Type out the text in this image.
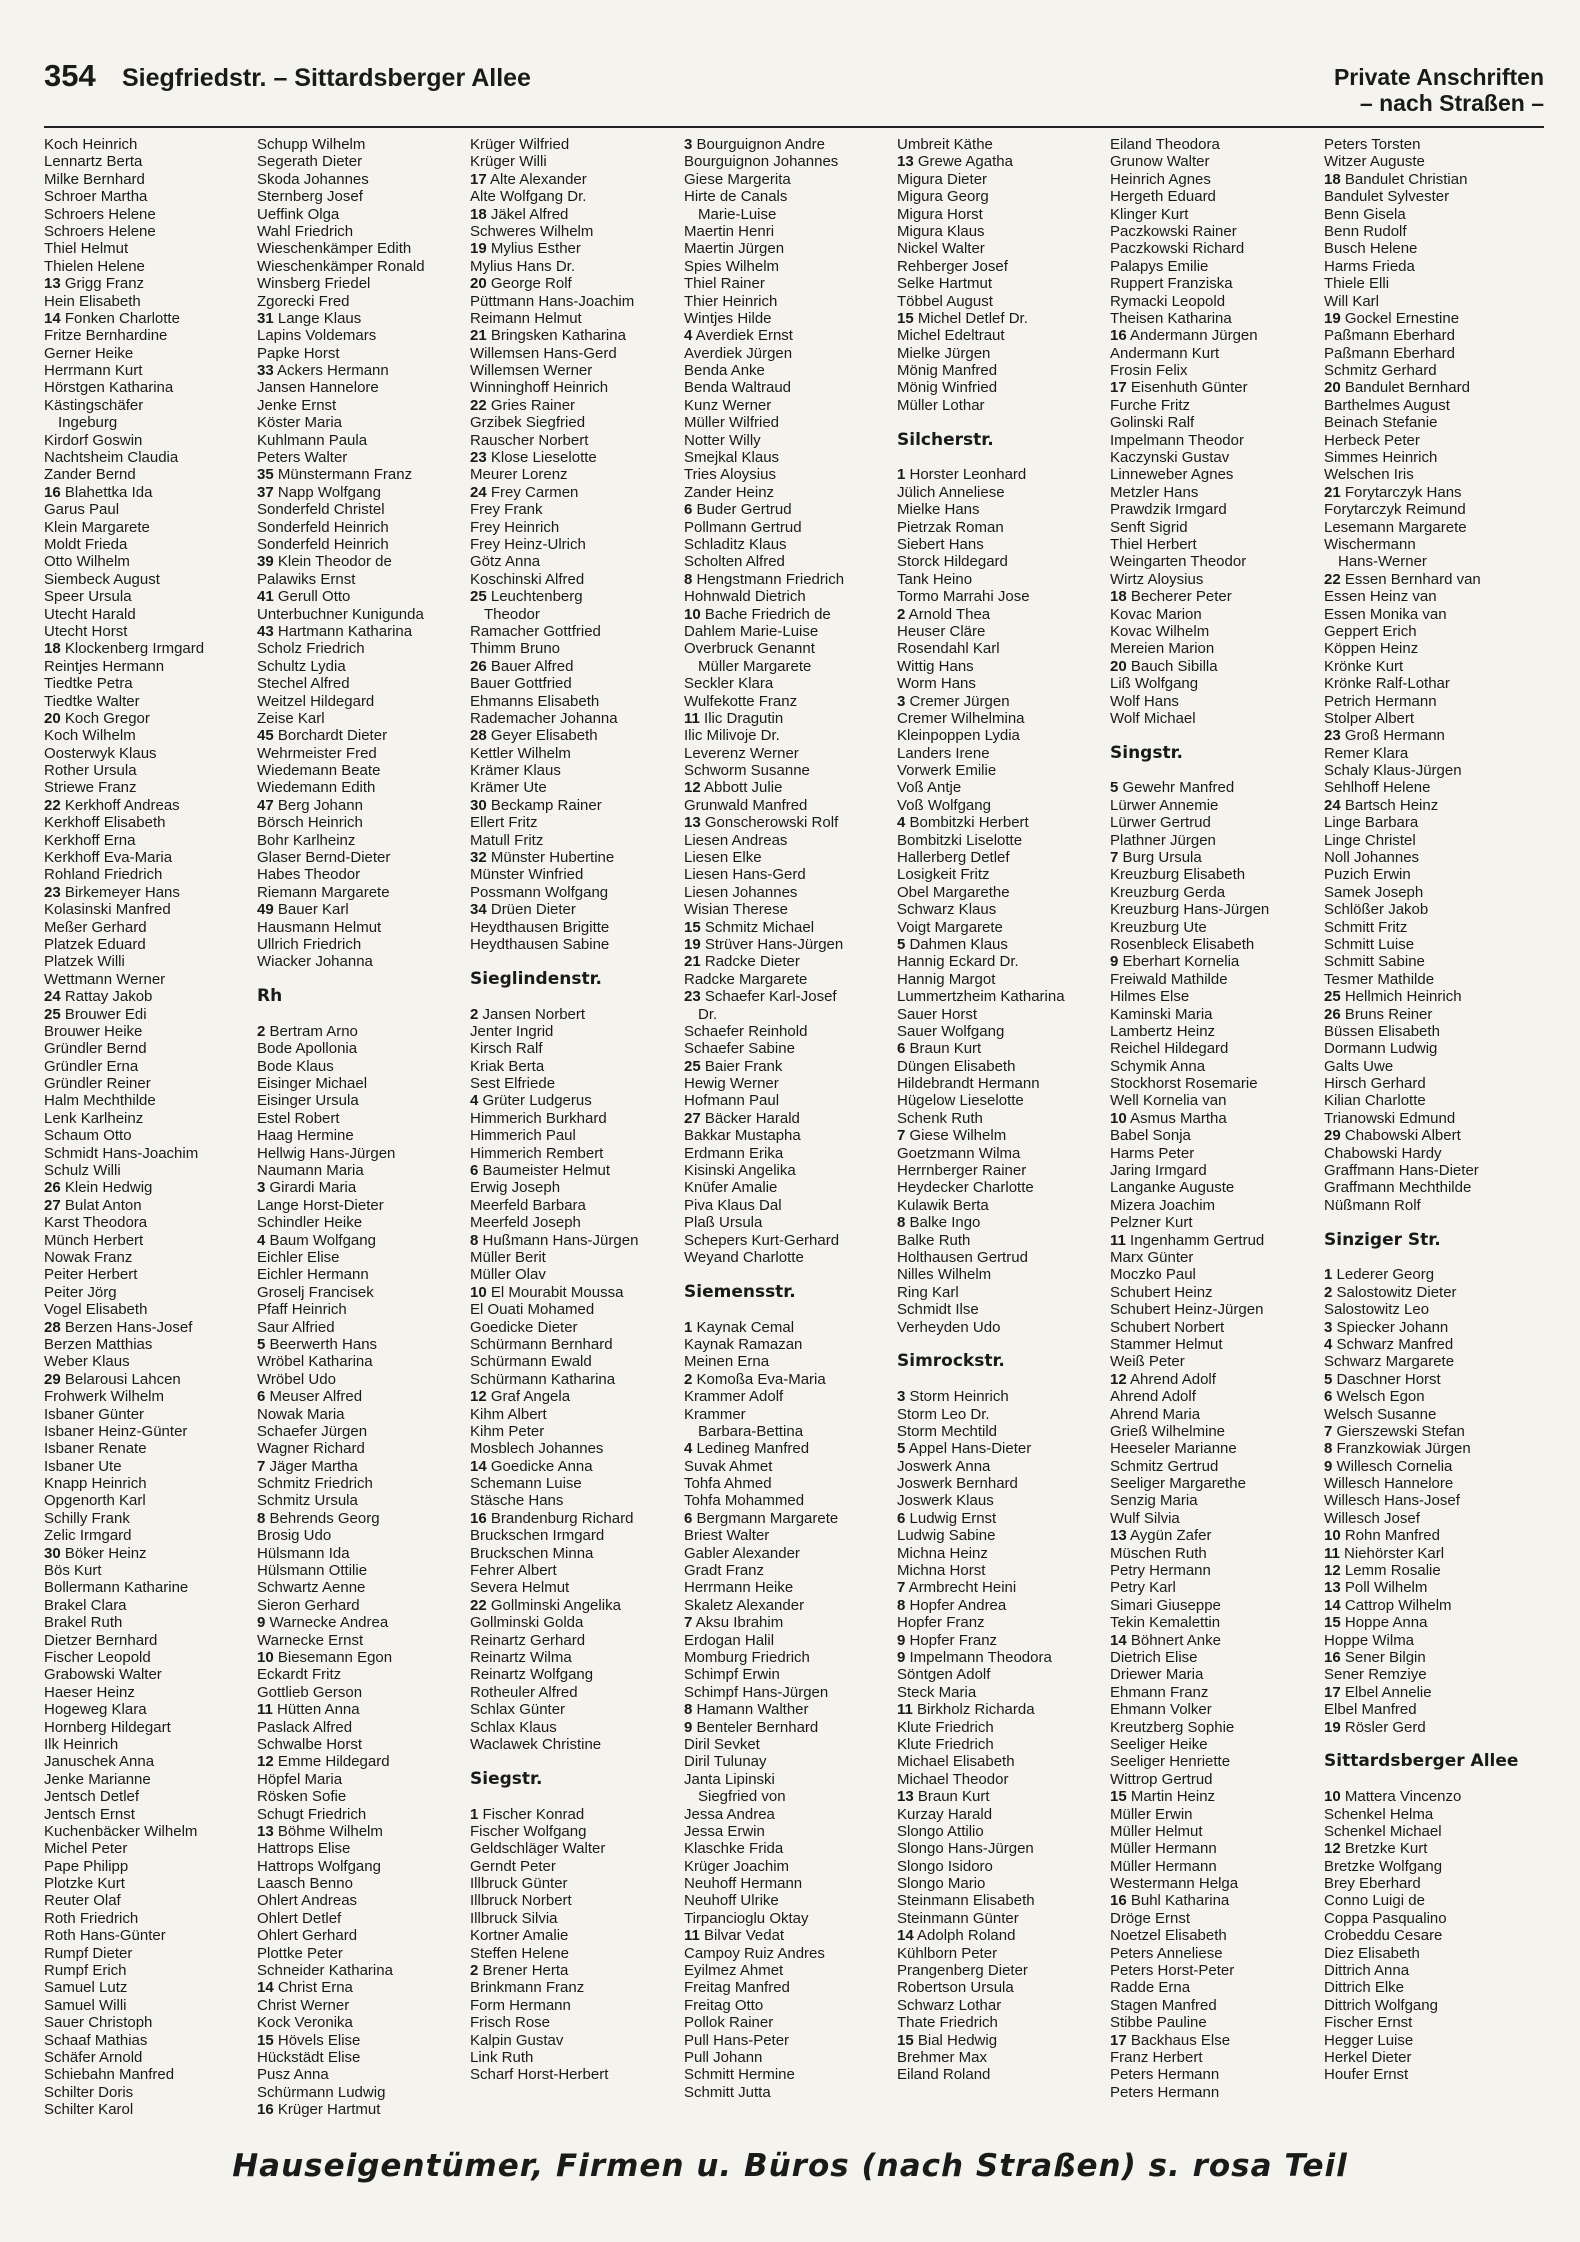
354 Siegfriedstr. – Sittardsberger Allee	Private Anschriften
– nach Straßen –
Koch Heinrich
Lennartz Berta
Milke Bernhard
Schroer Martha
Schroers Helene
Schroers Helene
Thiel Helmut
Thielen Helene
13 Grigg Franz
Hein Elisabeth
14 Fonken Charlotte
Fritze Bernhardine
Gerner Heike
Herrmann Kurt
Hörstgen Katharina
Kästingschäfer
Ingeburg
Kirdorf Goswin
Nachtsheim Claudia
Zander Bernd
16 Blahettka Ida
Garus Paul
Klein Margarete
Moldt Frieda
Otto Wilhelm
Siembeck August
Speer Ursula
Utecht Harald
Utecht Horst
18 Klockenberg Irmgard
Reintjes Hermann
Tiedtke Petra
Tiedtke Walter
20 Koch Gregor
Koch Wilhelm
Oosterwyk Klaus
Rother Ursula
Striewe Franz
22 Kerkhoff Andreas
Kerkhoff Elisabeth
Kerkhoff Erna
Kerkhoff Eva-Maria
Rohland Friedrich
23 Birkemeyer Hans
Kolasinski Manfred
Meßer Gerhard
Platzek Eduard
Platzek Willi
Wettmann Werner
24 Rattay Jakob
25 Brouwer Edi
Brouwer Heike
Gründler Bernd
Gründler Erna
Gründler Reiner
Halm Mechthilde
Lenk Karlheinz
Schaum Otto
Schmidt Hans-Joachim
Schulz Willi
26 Klein Hedwig
27 Bulat Anton
Karst Theodora
Münch Herbert
Nowak Franz
Peiter Herbert
Peiter Jörg
Vogel Elisabeth
28 Berzen Hans-Josef
Berzen Matthias
Weber Klaus
29 Belarousi Lahcen
Frohwerk Wilhelm
Isbaner Günter
Isbaner Heinz-Günter
Isbaner Renate
Isbaner Ute
Knapp Heinrich
Opgenorth Karl
Schilly Frank
Zelic Irmgard
30 Böker Heinz
Bös Kurt
Bollermann Katharine
Brakel Clara
Brakel Ruth
Dietzer Bernhard
Fischer Leopold
Grabowski Walter
Haeser Heinz
Hogeweg Klara
Hornberg Hildegart
Ilk Heinrich
Januschek Anna
Jenke Marianne
Jentsch Detlef
Jentsch Ernst
Kuchenbäcker Wilhelm
Michel Peter
Pape Philipp
Plotzke Kurt
Reuter Olaf
Roth Friedrich
Roth Hans-Günter
Rumpf Dieter
Rumpf Erich
Samuel Lutz
Samuel Willi
Sauer Christoph
Schaaf Mathias
Schäfer Arnold
Schiebahn Manfred
Schilter Doris
Schilter Karol
Schupp Wilhelm
Segerath Dieter
Skoda Johannes
Sternberg Josef
Ueffink Olga
Wahl Friedrich
Wieschenkämper Edith
Wieschenkämper Ronald
Winsberg Friedel
Zgorecki Fred
31 Lange Klaus
Lapins Voldemars
Papke Horst
33 Ackers Hermann
Jansen Hannelore
Jenke Ernst
Köster Maria
Kuhlmann Paula
Peters Walter
35 Münstermann Franz
37 Napp Wolfgang
Sonderfeld Christel
Sonderfeld Heinrich
Sonderfeld Heinrich
39 Klein Theodor de
Palawiks Ernst
41 Gerull Otto
Unterbuchner Kunigunda
43 Hartmann Katharina
Scholz Friedrich
Schultz Lydia
Stechel Alfred
Weitzel Hildegard
Zeise Karl
45 Borchardt Dieter
Wehrmeister Fred
Wiedemann Beate
Wiedemann Edith
47 Berg Johann
Börsch Heinrich
Bohr Karlheinz
Glaser Bernd-Dieter
Habes Theodor
Riemann Margarete
49 Bauer Karl
Hausmann Helmut
Ullrich Friedrich
Wiacker Johanna
Rh
2 Bertram Arno
Bode Apollonia
Bode Klaus
Eisinger Michael
Eisinger Ursula
Estel Robert
Haag Hermine
Hellwig Hans-Jürgen
Naumann Maria
3 Girardi Maria
Lange Horst-Dieter
Schindler Heike
4 Baum Wolfgang
Eichler Elise
Eichler Hermann
Groselj Francisek
Pfaff Heinrich
Saur Alfried
5 Beerwerth Hans
Wröbel Katharina
Wröbel Udo
6 Meuser Alfred
Nowak Maria
Schaefer Jürgen
Wagner Richard
7 Jäger Martha
Schmitz Friedrich
Schmitz Ursula
8 Behrends Georg
Brosig Udo
Hülsmann Ida
Hülsmann Ottilie
Schwartz Aenne
Sieron Gerhard
9 Warnecke Andrea
Warnecke Ernst
10 Biesemann Egon
Eckardt Fritz
Gottlieb Gerson
11 Hütten Anna
Paslack Alfred
Schwalbe Horst
12 Emme Hildegard
Höpfel Maria
Rösken Sofie
Schugt Friedrich
13 Böhme Wilhelm
Hattrops Elise
Hattrops Wolfgang
Laasch Benno
Ohlert Andreas
Ohlert Detlef
Ohlert Gerhard
Plottke Peter
Schneider Katharina
14 Christ Erna
Christ Werner
Kock Veronika
15 Hövels Elise
Hückstädt Elise
Pusz Anna
Schürmann Ludwig
16 Krüger Hartmut
Krüger Wilfried
Krüger Willi
17 Alte Alexander
Alte Wolfgang Dr.
18 Jäkel Alfred
Schweres Wilhelm
19 Mylius Esther
Mylius Hans Dr.
20 George Rolf
Püttmann Hans-Joachim
Reimann Helmut
21 Bringsken Katharina
Willemsen Hans-Gerd
Willemsen Werner
Winninghoff Heinrich
22 Gries Rainer
Grzibek Siegfried
Rauscher Norbert
23 Klose Lieselotte
Meurer Lorenz
24 Frey Carmen
Frey Frank
Frey Heinrich
Frey Heinz-Ulrich
Götz Anna
Koschinski Alfred
25 Leuchtenberg
Theodor
Ramacher Gottfried
Thimm Bruno
26 Bauer Alfred
Bauer Gottfried
Ehmanns Elisabeth
Rademacher Johanna
28 Geyer Elisabeth
Kettler Wilhelm
Krämer Klaus
Krämer Ute
30 Beckamp Rainer
Ellert Fritz
Matull Fritz
32 Münster Hubertine
Münster Winfried
Possmann Wolfgang
34 Drüen Dieter
Heydthausen Brigitte
Heydthausen Sabine
Sieglindenstr.
2 Jansen Norbert
Jenter Ingrid
Kirsch Ralf
Kriak Berta
Sest Elfriede
4 Grüter Ludgerus
Himmerich Burkhard
Himmerich Paul
Himmerich Rembert
6 Baumeister Helmut
Erwig Joseph
Meerfeld Barbara
Meerfeld Joseph
8 Hußmann Hans-Jürgen
Müller Berit
Müller Olav
10 El Mourabit Moussa
El Ouati Mohamed
Goedicke Dieter
Schürmann Bernhard
Schürmann Ewald
Schürmann Katharina
12 Graf Angela
Kihm Albert
Kihm Peter
Mosblech Johannes
14 Goedicke Anna
Schemann Luise
Stäsche Hans
16 Brandenburg Richard
Bruckschen Irmgard
Bruckschen Minna
Fehrer Albert
Severa Helmut
22 Gollminski Angelika
Gollminski Golda
Reinartz Gerhard
Reinartz Wilma
Reinartz Wolfgang
Rotheuler Alfred
Schlax Günter
Schlax Klaus
Waclawek Christine
Siegstr.
1 Fischer Konrad
Fischer Wolfgang
Geldschläger Walter
Gerndt Peter
Illbruck Günter
Illbruck Norbert
Illbruck Silvia
Kortner Amalie
Steffen Helene
2 Brener Herta
Brinkmann Franz
Form Hermann
Frisch Rose
Kalpin Gustav
Link Ruth
Scharf Horst-Herbert
3 Bourguignon Andre
Bourguignon Johannes
Giese Margerita
Hirte de Canals
Marie-Luise
Maertin Henri
Maertin Jürgen
Spies Wilhelm
Thiel Rainer
Thier Heinrich
Wintjes Hilde
4 Averdiek Ernst
Averdiek Jürgen
Benda Anke
Benda Waltraud
Kunz Werner
Müller Wilfried
Notter Willy
Smejkal Klaus
Tries Aloysius
Zander Heinz
6 Buder Gertrud
Pollmann Gertrud
Schladitz Klaus
Scholten Alfred
8 Hengstmann Friedrich
Hohnwald Dietrich
10 Bache Friedrich de
Dahlem Marie-Luise
Overbruck Genannt
Müller Margarete
Seckler Klara
Wulfekotte Franz
11 Ilic Dragutin
Ilic Milivoje Dr.
Leverenz Werner
Schworm Susanne
12 Abbott Julie
Grunwald Manfred
13 Gonscherowski Rolf
Liesen Andreas
Liesen Elke
Liesen Hans-Gerd
Liesen Johannes
Wisian Therese
15 Schmitz Michael
19 Strüver Hans-Jürgen
21 Radcke Dieter
Radcke Margarete
23 Schaefer Karl-Josef
Dr.
Schaefer Reinhold
Schaefer Sabine
25 Baier Frank
Hewig Werner
Hofmann Paul
27 Bäcker Harald
Bakkar Mustapha
Erdmann Erika
Kisinski Angelika
Knüfer Amalie
Piva Klaus Dal
Plaß Ursula
Schepers Kurt-Gerhard
Weyand Charlotte
Siemensstr.
1 Kaynak Cemal
Kaynak Ramazan
Meinen Erna
2 Komoßa Eva-Maria
Krammer Adolf
Krammer
Barbara-Bettina
4 Ledineg Manfred
Suvak Ahmet
Tohfa Ahmed
Tohfa Mohammed
6 Bergmann Margarete
Briest Walter
Gabler Alexander
Gradt Franz
Herrmann Heike
Skaletz Alexander
7 Aksu Ibrahim
Erdogan Halil
Momburg Friedrich
Schimpf Erwin
Schimpf Hans-Jürgen
8 Hamann Walther
9 Benteler Bernhard
Diril Sevket
Diril Tulunay
Janta Lipinski
Siegfried von
Jessa Andrea
Jessa Erwin
Klaschke Frida
Krüger Joachim
Neuhoff Hermann
Neuhoff Ulrike
Tirpancioglu Oktay
11 Bilvar Vedat
Campoy Ruiz Andres
Eyilmez Ahmet
Freitag Manfred
Freitag Otto
Pollok Rainer
Pull Hans-Peter
Pull Johann
Schmitt Hermine
Schmitt Jutta
Umbreit Käthe
13 Grewe Agatha
Migura Dieter
Migura Georg
Migura Horst
Migura Klaus
Nickel Walter
Rehberger Josef
Selke Hartmut
Többel August
15 Michel Detlef Dr.
Michel Edeltraut
Mielke Jürgen
Mönig Manfred
Mönig Winfried
Müller Lothar
Silcherstr.
1 Horster Leonhard
Jülich Anneliese
Mielke Hans
Pietrzak Roman
Siebert Hans
Storck Hildegard
Tank Heino
Tormo Marrahi Jose
2 Arnold Thea
Heuser Cläre
Rosendahl Karl
Wittig Hans
Worm Hans
3 Cremer Jürgen
Cremer Wilhelmina
Kleinpoppen Lydia
Landers Irene
Vorwerk Emilie
Voß Antje
Voß Wolfgang
4 Bombitzki Herbert
Bombitzki Liselotte
Hallerberg Detlef
Losigkeit Fritz
Obel Margarethe
Schwarz Klaus
Voigt Margarete
5 Dahmen Klaus
Hannig Eckard Dr.
Hannig Margot
Lummertzheim Katharina
Sauer Horst
Sauer Wolfgang
6 Braun Kurt
Düngen Elisabeth
Hildebrandt Hermann
Hügelow Lieselotte
Schenk Ruth
7 Giese Wilhelm
Goetzmann Wilma
Herrnberger Rainer
Heydecker Charlotte
Kulawik Berta
8 Balke Ingo
Balke Ruth
Holthausen Gertrud
Nilles Wilhelm
Ring Karl
Schmidt Ilse
Verheyden Udo
Simrockstr.
3 Storm Heinrich
Storm Leo Dr.
Storm Mechtild
5 Appel Hans-Dieter
Joswerk Anna
Joswerk Bernhard
Joswerk Klaus
6 Ludwig Ernst
Ludwig Sabine
Michna Heinz
Michna Horst
7 Armbrecht Heini
8 Hopfer Andrea
Hopfer Franz
9 Hopfer Franz
9 Impelmann Theodora
Söntgen Adolf
Steck Maria
11 Birkholz Richarda
Klute Friedrich
Klute Friedrich
Michael Elisabeth
Michael Theodor
13 Braun Kurt
Kurzay Harald
Slongo Attilio
Slongo Hans-Jürgen
Slongo Isidoro
Slongo Mario
Steinmann Elisabeth
Steinmann Günter
14 Adolph Roland
Kühlborn Peter
Prangenberg Dieter
Robertson Ursula
Schwarz Lothar
Thate Friedrich
15 Bial Hedwig
Brehmer Max
Eiland Roland
Eiland Theodora
Grunow Walter
Heinrich Agnes
Hergeth Eduard
Klinger Kurt
Paczkowski Rainer
Paczkowski Richard
Palapys Emilie
Ruppert Franziska
Rymacki Leopold
Theisen Katharina
16 Andermann Jürgen
Andermann Kurt
Frosin Felix
17 Eisenhuth Günter
Furche Fritz
Golinski Ralf
Impelmann Theodor
Kaczynski Gustav
Linneweber Agnes
Metzler Hans
Prawdzik Irmgard
Senft Sigrid
Thiel Herbert
Weingarten Theodor
Wirtz Aloysius
18 Becherer Peter
Kovac Marion
Kovac Wilhelm
Mereien Marion
20 Bauch Sibilla
Liß Wolfgang
Wolf Hans
Wolf Michael
Singstr.
5 Gewehr Manfred
Lürwer Annemie
Lürwer Gertrud
Plathner Jürgen
7 Burg Ursula
Kreuzburg Elisabeth
Kreuzburg Gerda
Kreuzburg Hans-Jürgen
Kreuzburg Ute
Rosenbleck Elisabeth
9 Eberhart Kornelia
Freiwald Mathilde
Hilmes Else
Kaminski Maria
Lambertz Heinz
Reichel Hildegard
Schymik Anna
Stockhorst Rosemarie
Well Kornelia van
10 Asmus Martha
Babel Sonja
Harms Peter
Jaring Irmgard
Langanke Auguste
Mizera Joachim
Pelzner Kurt
11 Ingenhamm Gertrud
Marx Günter
Moczko Paul
Schubert Heinz
Schubert Heinz-Jürgen
Schubert Norbert
Stammer Helmut
Weiß Peter
12 Ahrend Adolf
Ahrend Adolf
Ahrend Maria
Grieß Wilhelmine
Heeseler Marianne
Schmitz Gertrud
Seeliger Margarethe
Senzig Maria
Wulf Silvia
13 Aygün Zafer
Müschen Ruth
Petry Hermann
Petry Karl
Simari Giuseppe
Tekin Kemalettin
14 Böhnert Anke
Dietrich Elise
Driewer Maria
Ehmann Franz
Ehmann Volker
Kreutzberg Sophie
Seeliger Heike
Seeliger Henriette
Wittrop Gertrud
15 Martin Heinz
Müller Erwin
Müller Helmut
Müller Hermann
Müller Hermann
Westermann Helga
16 Buhl Katharina
Dröge Ernst
Noetzel Elisabeth
Peters Anneliese
Peters Horst-Peter
Radde Erna
Stagen Manfred
Stibbe Pauline
17 Backhaus Else
Franz Herbert
Peters Hermann
Peters Hermann
Peters Torsten
Witzer Auguste
18 Bandulet Christian
Bandulet Sylvester
Benn Gisela
Benn Rudolf
Busch Helene
Harms Frieda
Thiele Elli
Will Karl
19 Gockel Ernestine
Paßmann Eberhard
Paßmann Eberhard
Schmitz Gerhard
20 Bandulet Bernhard
Barthelmes August
Beinach Stefanie
Herbeck Peter
Simmes Heinrich
Welschen Iris
21 Forytarczyk Hans
Forytarczyk Reimund
Lesemann Margarete
Wischermann
Hans-Werner
22 Essen Bernhard van
Essen Heinz van
Essen Monika van
Geppert Erich
Köppen Heinz
Krönke Kurt
Krönke Ralf-Lothar
Petrich Hermann
Stolper Albert
23 Groß Hermann
Remer Klara
Schaly Klaus-Jürgen
Sehlhoff Helene
24 Bartsch Heinz
Linge Barbara
Linge Christel
Noll Johannes
Puzich Erwin
Samek Joseph
Schlößer Jakob
Schmitt Fritz
Schmitt Luise
Schmitt Sabine
Tesmer Mathilde
25 Hellmich Heinrich
26 Bruns Reiner
Büssen Elisabeth
Dormann Ludwig
Galts Uwe
Hirsch Gerhard
Kilian Charlotte
Trianowski Edmund
29 Chabowski Albert
Chabowski Hardy
Graffmann Hans-Dieter
Graffmann Mechthilde
Nüßmann Rolf
Sinziger Str.
1 Lederer Georg
2 Salostowitz Dieter
Salostowitz Leo
3 Spiecker Johann
4 Schwarz Manfred
Schwarz Margarete
5 Daschner Horst
6 Welsch Egon
Welsch Susanne
7 Gierszewski Stefan
8 Franzkowiak Jürgen
9 Willesch Cornelia
Willesch Hannelore
Willesch Hans-Josef
Willesch Josef
10 Rohn Manfred
11 Niehörster Karl
12 Lemm Rosalie
13 Poll Wilhelm
14 Cattrop Wilhelm
15 Hoppe Anna
Hoppe Wilma
16 Sener Bilgin
Sener Remziye
17 Elbel Annelie
Elbel Manfred
19 Rösler Gerd
Sittardsberger Allee
10 Mattera Vincenzo
Schenkel Helma
Schenkel Michael
12 Bretzke Kurt
Bretzke Wolfgang
Brey Eberhard
Conno Luigi de
Coppa Pasqualino
Crobeddu Cesare
Diez Elisabeth
Dittrich Anna
Dittrich Elke
Dittrich Wolfgang
Fischer Ernst
Hegger Luise
Herkel Dieter
Houfer Ernst
Hauseigentümer, Firmen u. Büros (nach Straßen) s. rosa Teil
